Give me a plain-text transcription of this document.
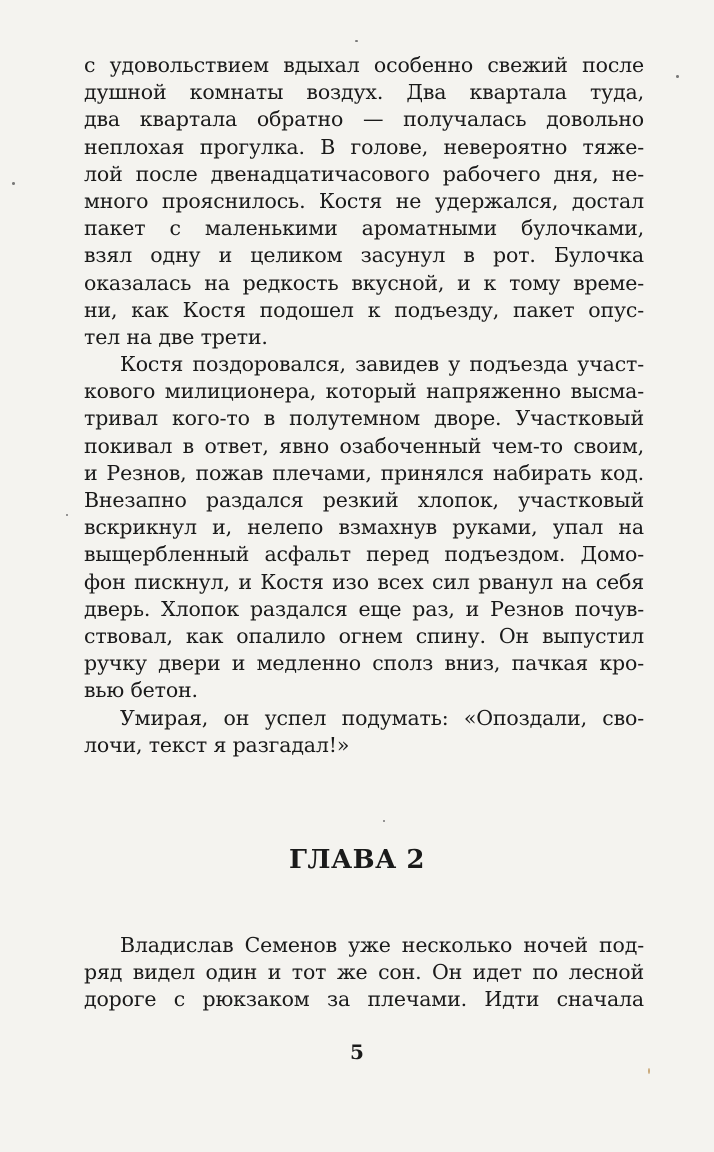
с удовольствием вдыхал особенно свежий после
душной комнаты воздух. Два квартала туда,
два квартала обратно — получалась довольно
неплохая прогулка. В голове, невероятно тяже-
лой после двенадцатичасового рабочего дня, не-
много прояснилось. Костя не удержался, достал
пакет с маленькими ароматными булочками,
взял одну и целиком засунул в рот. Булочка
оказалась на редкость вкусной, и к тому време-
ни, как Костя подошел к подъезду, пакет опус-
тел на две трети.
Костя поздоровался, завидев у подъезда участ-
кового милиционера, который напряженно высма-
тривал кого-то в полутемном дворе. Участковый
покивал в ответ, явно озабоченный чем-то своим,
и Резнов, пожав плечами, принялся набирать код.
Внезапно раздался резкий хлопок, участковый
вскрикнул и, нелепо взмахнув руками, упал на
выщербленный асфальт перед подъездом. Домо-
фон пискнул, и Костя изо всех сил рванул на себя
дверь. Хлопок раздался еще раз, и Резнов почув-
ствовал, как опалило огнем спину. Он выпустил
ручку двери и медленно сполз вниз, пачкая кро-
вью бетон.
Умирая, он успел подумать: «Опоздали, сво-
лочи, текст я разгадал!»
ГЛАВА 2
Владислав Семенов уже несколько ночей под-
ряд видел один и тот же сон. Он идет по лесной
дороге с рюкзаком за плечами. Идти сначала
5
